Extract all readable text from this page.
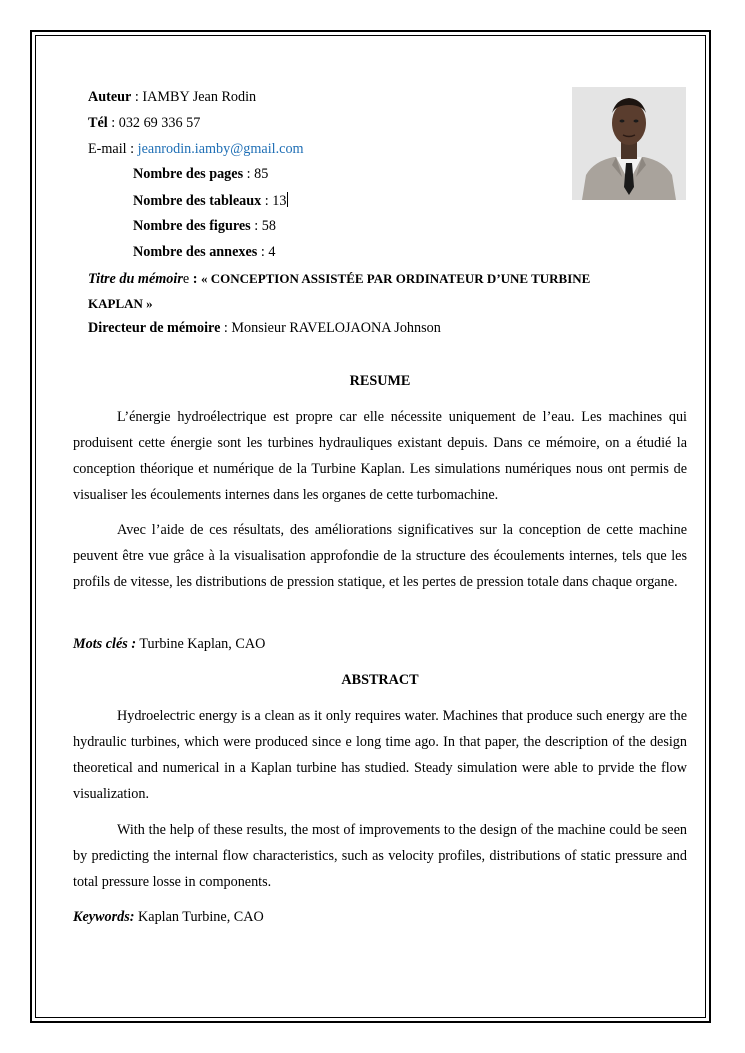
Auteur : IAMBY Jean Rodin
Tél : 032 69 336 57
E-mail : jeanrodin.iamby@gmail.com
Nombre des pages : 85
Nombre des tableaux : 13
Nombre des figures : 58
Nombre des annexes : 4
Titre du mémoire : « CONCEPTION ASSISTÉE PAR ORDINATEUR D’UNE TURBINE
KAPLAN »
Directeur de mémoire : Monsieur RAVELOJAONA Johnson
RESUME
L’énergie hydroélectrique est propre car elle nécessite uniquement de l’eau. Les machines qui produisent cette énergie sont les turbines hydrauliques existant depuis. Dans ce mémoire, on a étudié la conception théorique et numérique de la Turbine Kaplan. Les simulations numériques nous ont permis de visualiser les écoulements internes dans les organes de cette turbomachine.
Avec l’aide de ces résultats, des améliorations significatives sur la conception de cette machine peuvent être vue grâce à la visualisation approfondie de la structure des écoulements internes, tels que les profils de vitesse, les distributions de pression statique, et les pertes de pression totale dans chaque organe.
Mots clés : Turbine Kaplan, CAO
ABSTRACT
Hydroelectric energy is a clean as it only requires water. Machines that produce such energy are the hydraulic turbines, which were produced since e long time ago. In that paper, the description of the design theoretical and numerical in a Kaplan turbine has studied. Steady simulation were able to prvide the flow visualization.
With the help of these results, the most of improvements to the design of the machine could be seen by predicting the internal flow characteristics, such as velocity profiles, distributions of static pressure and total pressure losse in components.
Keywords: Kaplan Turbine, CAO
